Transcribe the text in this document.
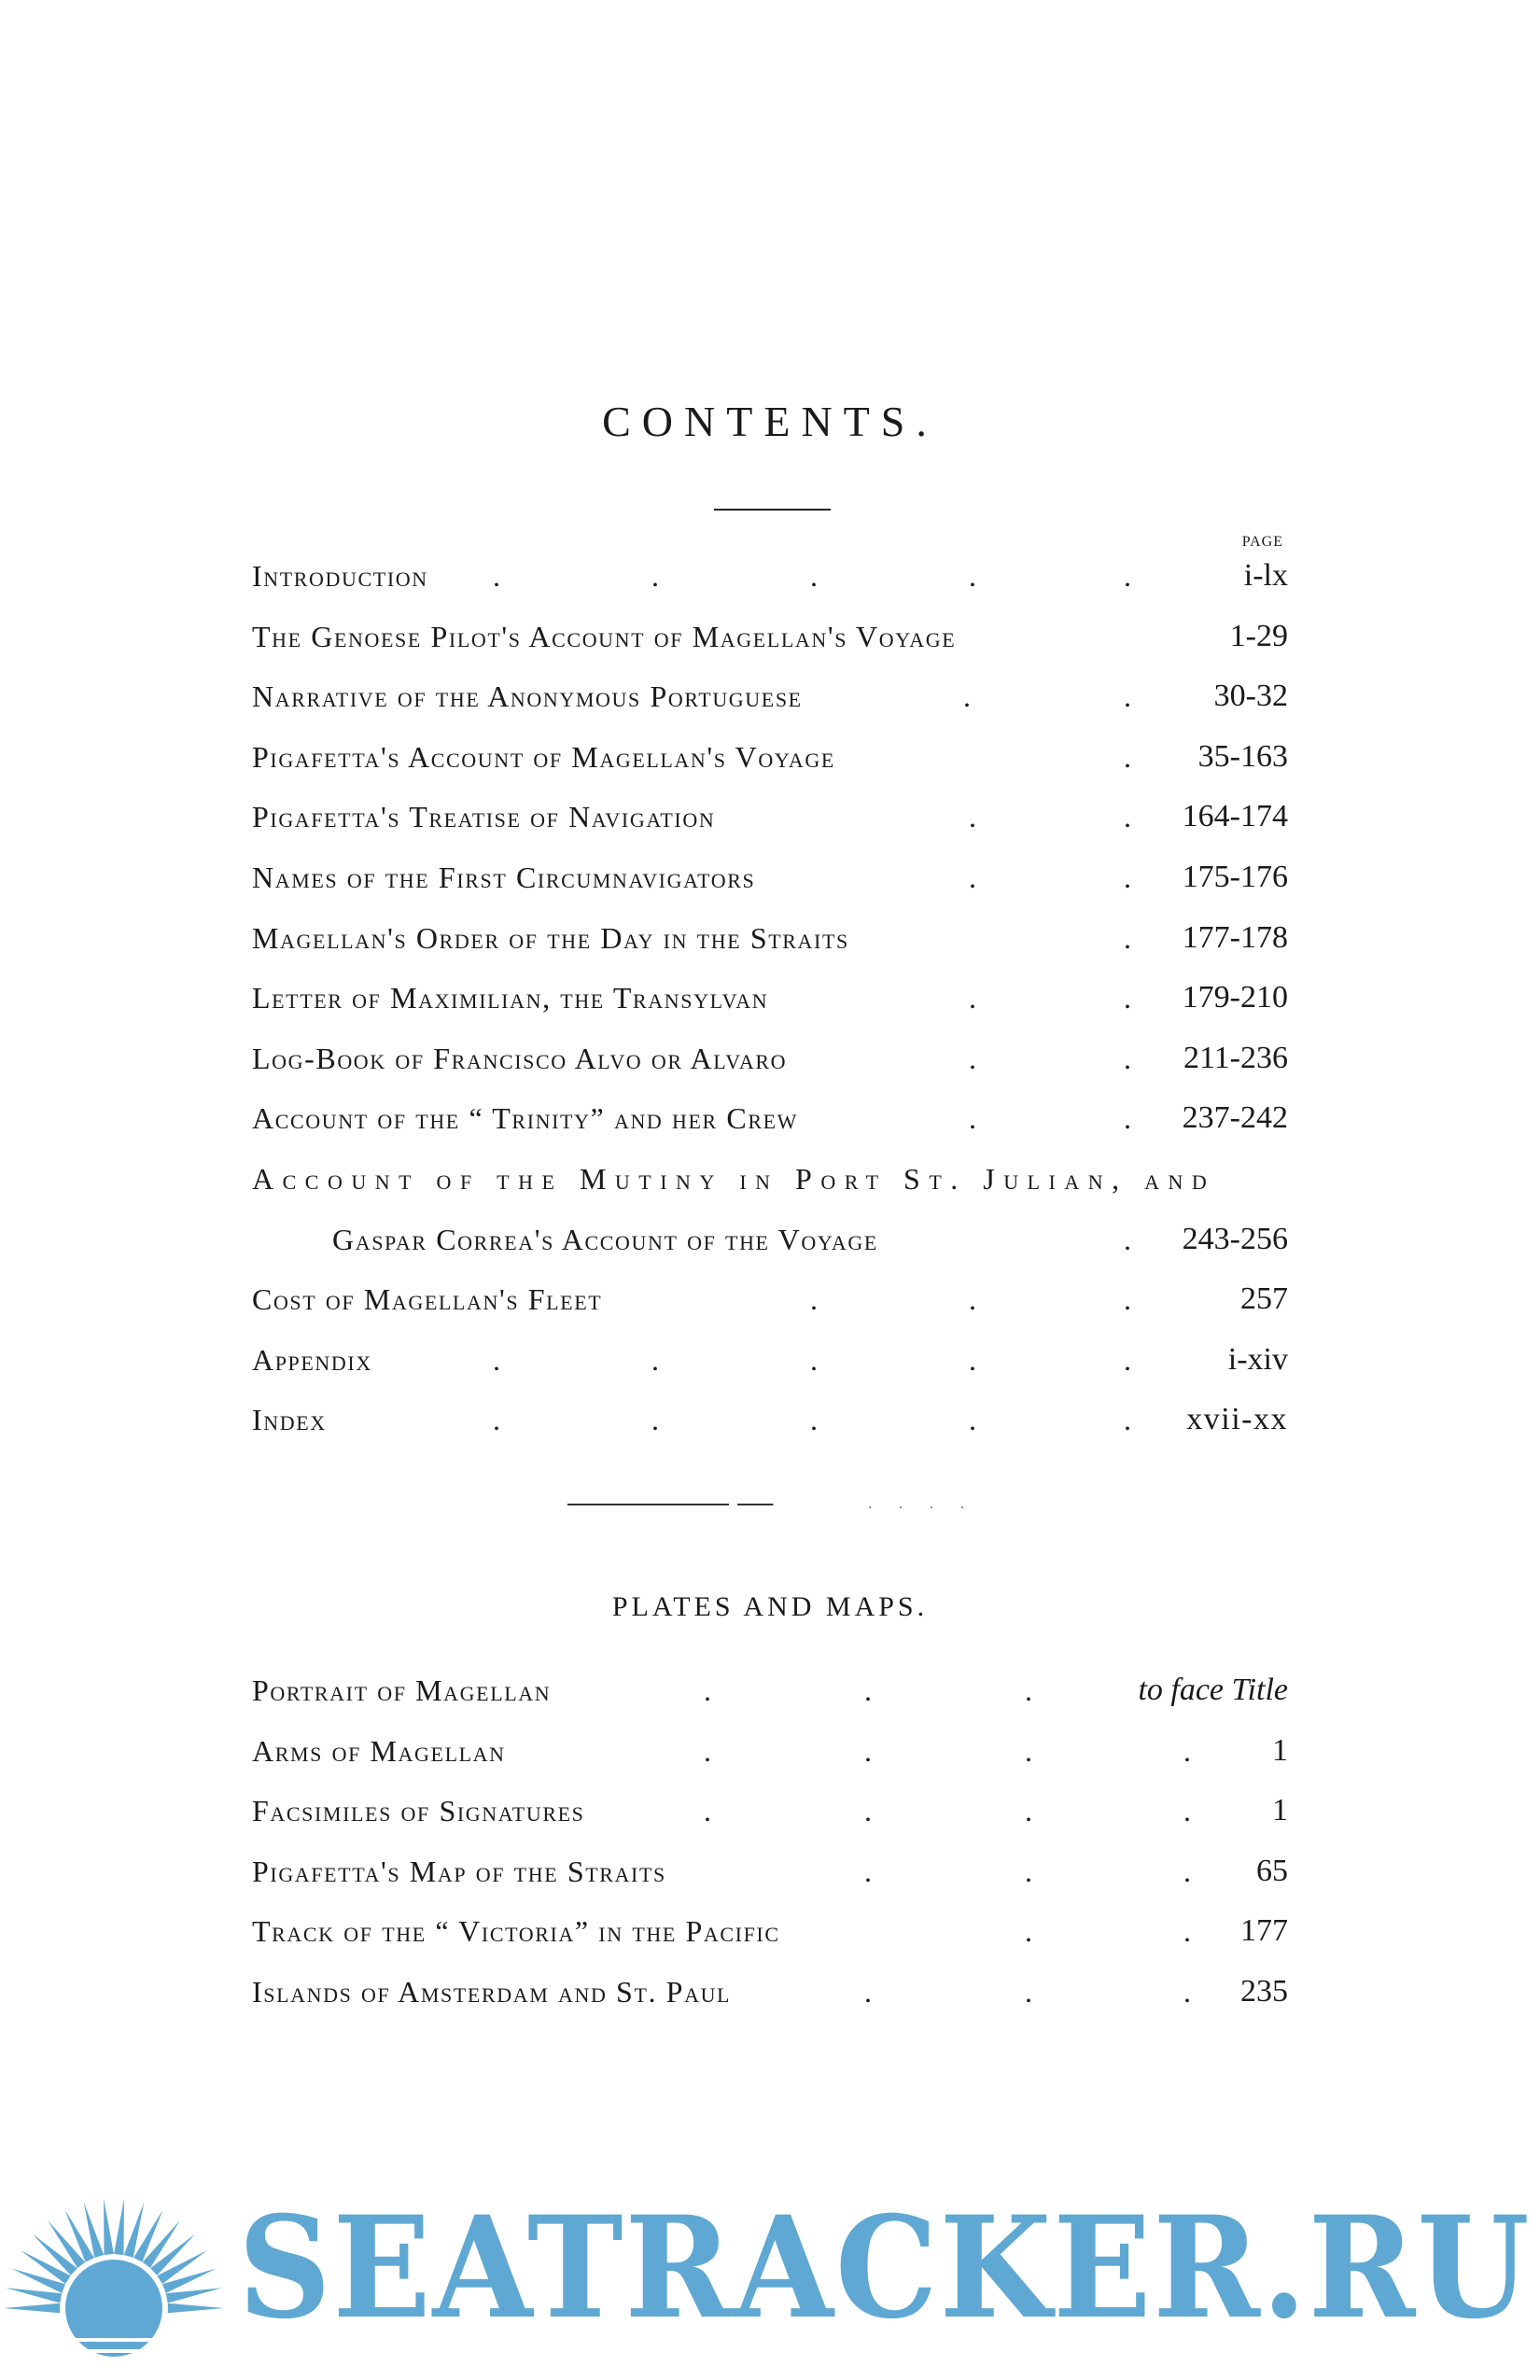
CONTENTS.
PAGE
Introduction .	.	.	.	.	i-lx
The Genoese Pilot's Account of Magellan's Voyage	1-29
Narrative of the Anonymous Portuguese	.	.	30-32
Pigafetta's Account of Magellan's Voyage	. 35-163
Pigafetta's Treatise of Navigation	.	. 164-174
Names of the First Circumnavigators	.	. 175-176
Magellan's Order of the Day in the Straits	. 177-178
Letter of Maximilian, the Transylvan	.	. 179-210
Log-Book of Francisco Alvo or Alvaro	.	. 211-236
Account of the “ Trinity” and her Crew	.	. 237-242
Account of the Mutiny in Port St. Julian, and
Gaspar Correa's Account of the Voyage	. 243-256
Cost of Magellan's Fleet	.	.	.	257
Appendix	.	.	.	.	.	i-xiv
Index	.	.	.	.	. xvii-xx
· · · ·
PLATES AND MAPS.
Portrait of Magellan	.	.	.	to face Title
Arms of Magellan	.	.	.	.	1
Facsimiles of Signatures	.	.	.	.	1
Pigafetta's Map of the Straits	.	.	. 65
Track of the “ Victoria” in the Pacific	.	. 177
Islands of Amsterdam and St. Paul	.	.	. 235
SEATRACKER.RU
